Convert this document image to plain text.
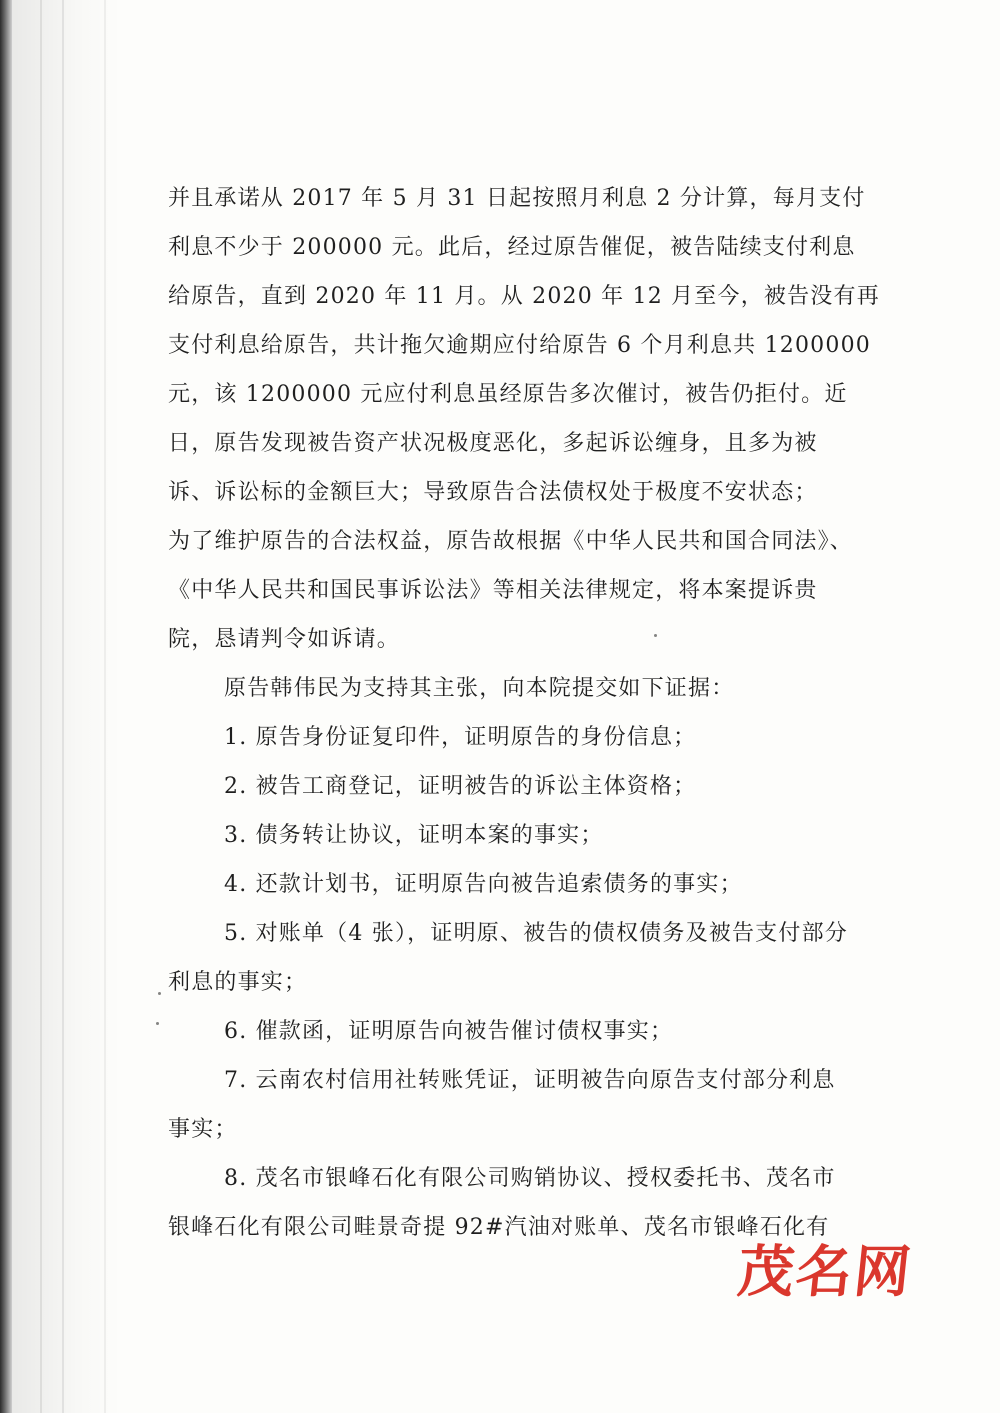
并且承诺从 2017 年 5 月 31 日起按照月利息 2 分计算，每月支付
利息不少于 200000 元。此后，经过原告催促，被告陆续支付利息
给原告，直到 2020 年 11 月。从 2020 年 12 月至今，被告没有再
支付利息给原告，共计拖欠逾期应付给原告 6 个月利息共 1200000
元，该 1200000 元应付利息虽经原告多次催讨，被告仍拒付。近
日，原告发现被告资产状况极度恶化，多起诉讼缠身，且多为被
诉、诉讼标的金额巨大；导致原告合法债权处于极度不安状态；
为了维护原告的合法权益，原告故根据《中华人民共和国合同法》、
《中华人民共和国民事诉讼法》等相关法律规定，将本案提诉贵
院，恳请判令如诉请。
原告韩伟民为支持其主张，向本院提交如下证据：
1. 原告身份证复印件，证明原告的身份信息；
2. 被告工商登记，证明被告的诉讼主体资格；
3. 债务转让协议，证明本案的事实；
4. 还款计划书，证明原告向被告追索债务的事实；
5. 对账单（4 张），证明原、被告的债权债务及被告支付部分
利息的事实；
6. 催款函，证明原告向被告催讨债权事实；
7. 云南农村信用社转账凭证，证明被告向原告支付部分利息
事实；
8. 茂名市银峰石化有限公司购销协议、授权委托书、茂名市
银峰石化有限公司畦景奇提 92#汽油对账单、茂名市银峰石化有
茂名网
